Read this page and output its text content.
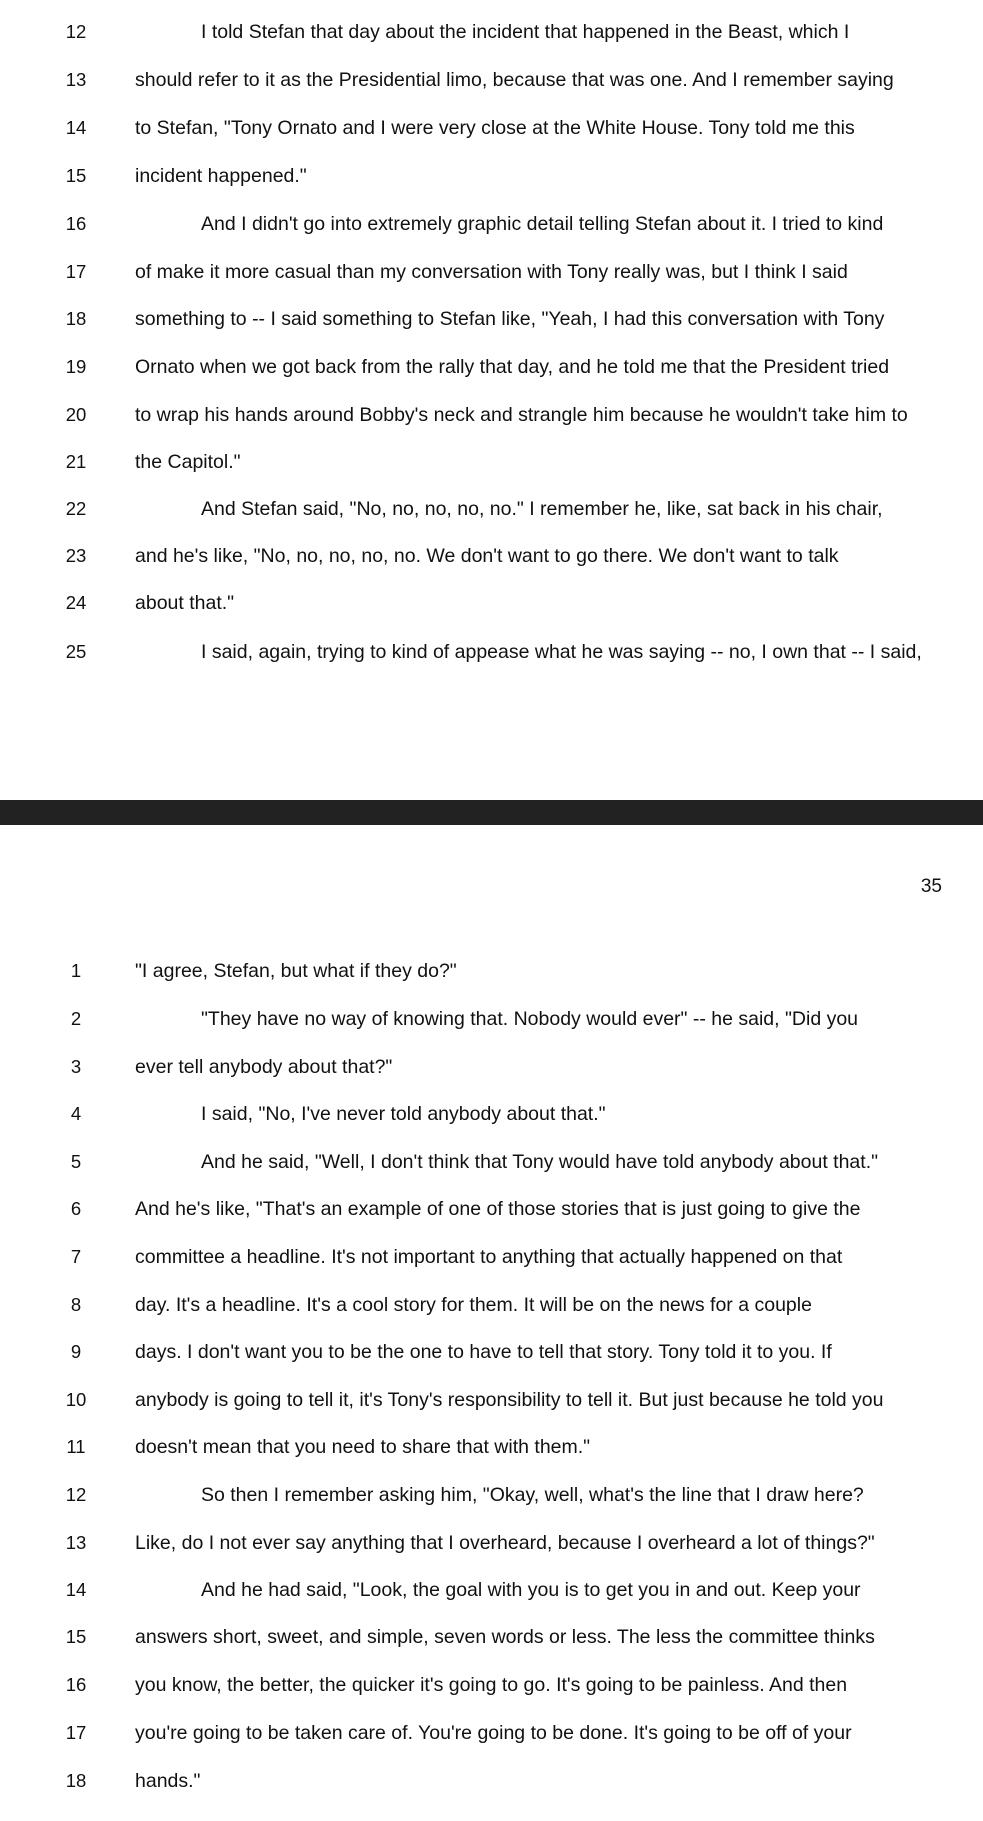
12	I told Stefan that day about the incident that happened in the Beast, which I
13	should refer to it as the Presidential limo, because that was one. And I remember saying
14	to Stefan, "Tony Ornato and I were very close at the White House. Tony told me this
15	incident happened."
16	And I didn't go into extremely graphic detail telling Stefan about it. I tried to kind
17	of make it more casual than my conversation with Tony really was, but I think I said
18	something to -- I said something to Stefan like, "Yeah, I had this conversation with Tony
19	Ornato when we got back from the rally that day, and he told me that the President tried
20	to wrap his hands around Bobby's neck and strangle him because he wouldn't take him to
21	the Capitol."
22	And Stefan said, "No, no, no, no, no." I remember he, like, sat back in his chair,
23	and he's like, "No, no, no, no, no. We don't want to go there. We don't want to talk
24	about that."
25	I said, again, trying to kind of appease what he was saying -- no, I own that -- I said,
35
1	"I agree, Stefan, but what if they do?"
2	"They have no way of knowing that. Nobody would ever" -- he said, "Did you
3	ever tell anybody about that?"
4	I said, "No, I've never told anybody about that."
5	And he said, "Well, I don't think that Tony would have told anybody about that."
6	And he's like, "That's an example of one of those stories that is just going to give the
7	committee a headline. It's not important to anything that actually happened on that
8	day. It's a headline. It's a cool story for them. It will be on the news for a couple
9	days. I don't want you to be the one to have to tell that story. Tony told it to you. If
10	anybody is going to tell it, it's Tony's responsibility to tell it. But just because he told you
11	doesn't mean that you need to share that with them."
12	So then I remember asking him, "Okay, well, what's the line that I draw here?
13	Like, do I not ever say anything that I overheard, because I overheard a lot of things?"
14	And he had said, "Look, the goal with you is to get you in and out. Keep your
15	answers short, sweet, and simple, seven words or less. The less the committee thinks
16	you know, the better, the quicker it's going to go. It's going to be painless. And then
17	you're going to be taken care of. You're going to be done. It's going to be off of your
18	hands."
